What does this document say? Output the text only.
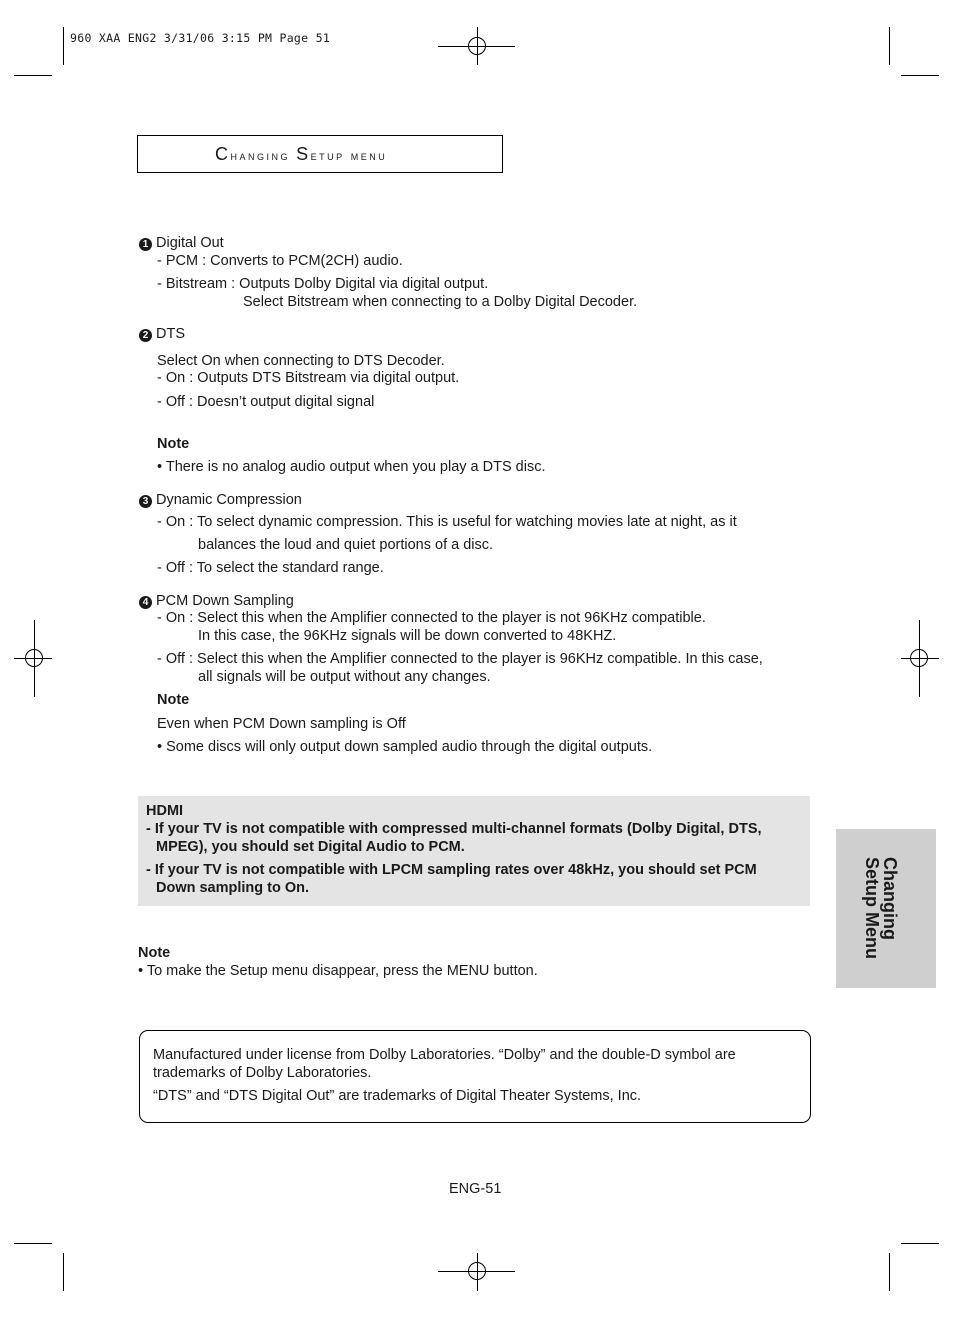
960 XAA ENG2 3/31/06 3:15 PM Page 51
Changing Setup menu
1 Digital Out
- PCM : Converts to PCM(2CH) audio.
- Bitstream : Outputs Dolby Digital via digital output.
Select Bitstream when connecting to a Dolby Digital Decoder.
2 DTS
Select On when connecting to DTS Decoder.
- On : Outputs DTS Bitstream via digital output.
- Off : Doesn’t output digital signal
Note
• There is no analog audio output when you play a DTS disc.
3 Dynamic Compression
- On : To select dynamic compression. This is useful for watching movies late at night, as it
balances the loud and quiet portions of a disc.
- Off : To select the standard range.
4 PCM Down Sampling
- On : Select this when the Amplifier connected to the player is not 96KHz compatible.
In this case, the 96KHz signals will be down converted to 48KHZ.
- Off : Select this when the Amplifier connected to the player is 96KHz compatible. In this case,
all signals will be output without any changes.
Note
Even when PCM Down sampling is Off
• Some discs will only output down sampled audio through the digital outputs.
HDMI
- If your TV is not compatible with compressed multi-channel formats (Dolby Digital, DTS,
MPEG), you should set Digital Audio to PCM.
- If your TV is not compatible with LPCM sampling rates over 48kHz, you should set PCM
Down sampling to On.	Changing
Setup Menu
Note
• To make the Setup menu disappear, press the MENU button.
Manufactured under license from Dolby Laboratories. “Dolby” and the double-D symbol are
trademarks of Dolby Laboratories.
“DTS” and “DTS Digital Out” are trademarks of Digital Theater Systems, Inc.
ENG-51
